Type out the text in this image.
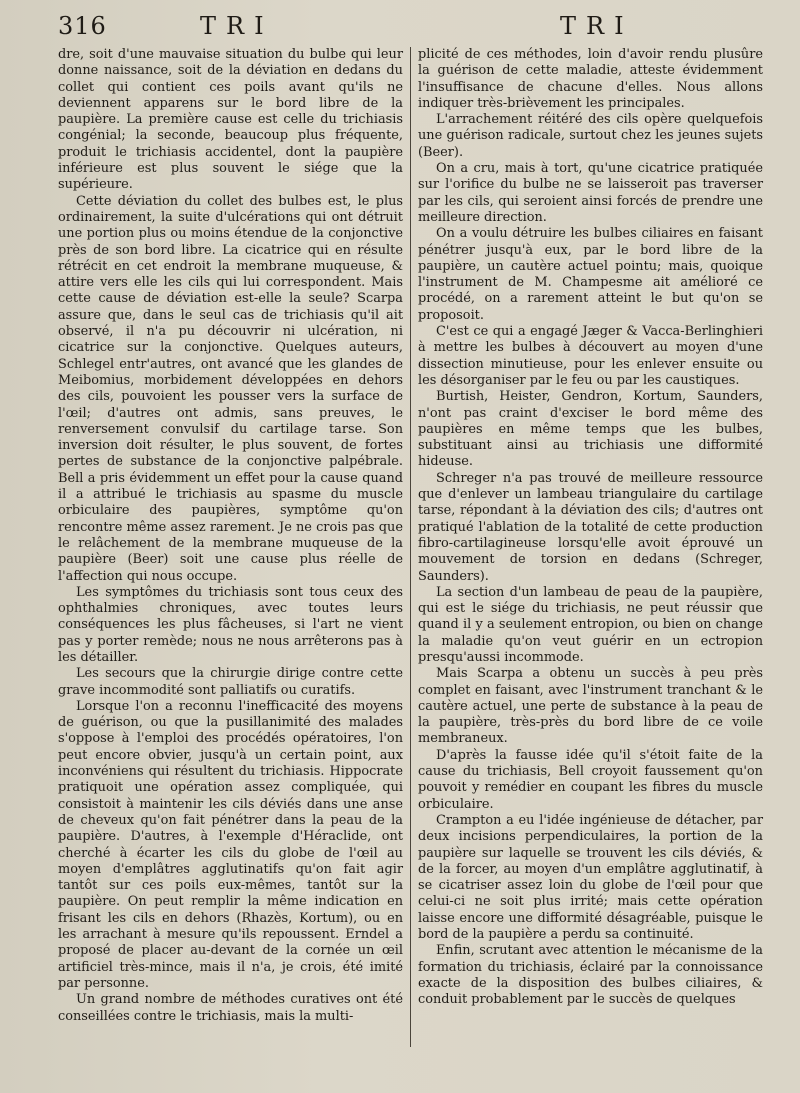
316	TRI	TRI

dre, soit d'une mauvaise situation du bulbe qui leur donne naissance, soit de la déviation en dedans du collet qui contient ces poils avant qu'ils ne deviennent apparens sur le bord libre de la paupière. La première cause est celle du trichiasis congénial; la seconde, beaucoup plus fréquente, produit le trichiasis accidentel, dont la paupière inférieure est plus souvent le siége que la supérieure.

Cette déviation du collet des bulbes est, le plus ordinairement, la suite d'ulcérations qui ont détruit une portion plus ou moins étendue de la conjonctive près de son bord libre. La cicatrice qui en résulte rétrécit en cet endroit la membrane muqueuse, & attire vers elle les cils qui lui correspondent. Mais cette cause de déviation est-elle la seule? Scarpa assure que, dans le seul cas de trichiasis qu'il ait observé, il n'a pu découvrir ni ulcération, ni cicatrice sur la conjonctive. Quelques auteurs, Schlegel entr'autres, ont avancé que les glandes de Meibomius, morbidement développées en dehors des cils, pouvoient les pousser vers la surface de l'œil; d'autres ont admis, sans preuves, le renversement convulsif du cartilage tarse. Son inversion doit résulter, le plus souvent, de fortes pertes de substance de la conjonctive palpébrale. Bell a pris évidemment un effet pour la cause quand il a attribué le trichiasis au spasme du muscle orbiculaire des paupières, symptôme qu'on rencontre même assez rarement. Je ne crois pas que le relâchement de la membrane muqueuse de la paupière (Beer) soit une cause plus réelle de l'affection qui nous occupe.

Les symptômes du trichiasis sont tous ceux des ophthalmies chroniques, avec toutes leurs conséquences les plus fâcheuses, si l'art ne vient pas y porter remède; nous ne nous arrêterons pas à les détailler.

Les secours que la chirurgie dirige contre cette grave incommodité sont palliatifs ou curatifs.

Lorsque l'on a reconnu l'inefficacité des moyens de guérison, ou que la pusillanimité des malades s'oppose à l'emploi des procédés opératoires, l'on peut encore obvier, jusqu'à un certain point, aux inconvéniens qui résultent du trichiasis. Hippocrate pratiquoit une opération assez compliquée, qui consistoit à maintenir les cils déviés dans une anse de cheveux qu'on fait pénétrer dans la peau de la paupière. D'autres, à l'exemple d'Héraclide, ont cherché à écarter les cils du globe de l'œil au moyen d'emplâtres agglutinatifs qu'on fait agir tantôt sur ces poils eux-mêmes, tantôt sur la paupière. On peut remplir la même indication en frisant les cils en dehors (Rhazès, Kortum), ou en les arrachant à mesure qu'ils repoussent. Erndel a proposé de placer au-devant de la cornée un œil artificiel très-mince, mais il n'a, je crois, été imité par personne.

Un grand nombre de méthodes curatives ont été conseillées contre le trichiasis, mais la multi-

plicité de ces méthodes, loin d'avoir rendu plusûre la guérison de cette maladie, atteste évidemment l'insuffisance de chacune d'elles. Nous allons indiquer très-brièvement les principales.

L'arrachement réitéré des cils opère quelquefois une guérison radicale, surtout chez les jeunes sujets (Beer).

On a cru, mais à tort, qu'une cicatrice pratiquée sur l'orifice du bulbe ne se laisseroit pas traverser par les cils, qui seroient ainsi forcés de prendre une meilleure direction.

On a voulu détruire les bulbes ciliaires en faisant pénétrer jusqu'à eux, par le bord libre de la paupière, un cautère actuel pointu; mais, quoique l'instrument de M. Champesme ait amélioré ce procédé, on a rarement atteint le but qu'on se proposoit.

C'est ce qui a engagé Jæger & Vacca-Berlinghieri à mettre les bulbes à découvert au moyen d'une dissection minutieuse, pour les enlever ensuite ou les désorganiser par le feu ou par les caustiques.

Burtish, Heister, Gendron, Kortum, Saunders, n'ont pas craint d'exciser le bord même des paupières en même temps que les bulbes, substituant ainsi au trichiasis une difformité hideuse.

Schreger n'a pas trouvé de meilleure ressource que d'enlever un lambeau triangulaire du cartilage tarse, répondant à la déviation des cils; d'autres ont pratiqué l'ablation de la totalité de cette production fibro-cartilagineuse lorsqu'elle avoit éprouvé un mouvement de torsion en dedans (Schreger, Saunders).

La section d'un lambeau de peau de la paupière, qui est le siége du trichiasis, ne peut réussir que quand il y a seulement entropion, ou bien on change la maladie qu'on veut guérir en un ectropion presqu'aussi incommode.

Mais Scarpa a obtenu un succès à peu près complet en faisant, avec l'instrument tranchant & le cautère actuel, une perte de substance à la peau de la paupière, très-près du bord libre de ce voile membraneux.

D'après la fausse idée qu'il s'étoit faite de la cause du trichiasis, Bell croyoit faussement qu'on pouvoit y remédier en coupant les fibres du muscle orbiculaire.

Crampton a eu l'idée ingénieuse de détacher, par deux incisions perpendiculaires, la portion de la paupière sur laquelle se trouvent les cils déviés, & de la forcer, au moyen d'un emplâtre agglutinatif, à se cicatriser assez loin du globe de l'œil pour que celui-ci ne soit plus irrité; mais cette opération laisse encore une difformité désagréable, puisque le bord de la paupière a perdu sa continuité.

Enfin, scrutant avec attention le mécanisme de la formation du trichiasis, éclairé par la connoissance exacte de la disposition des bulbes ciliaires, & conduit probablement par le succès de quelques
